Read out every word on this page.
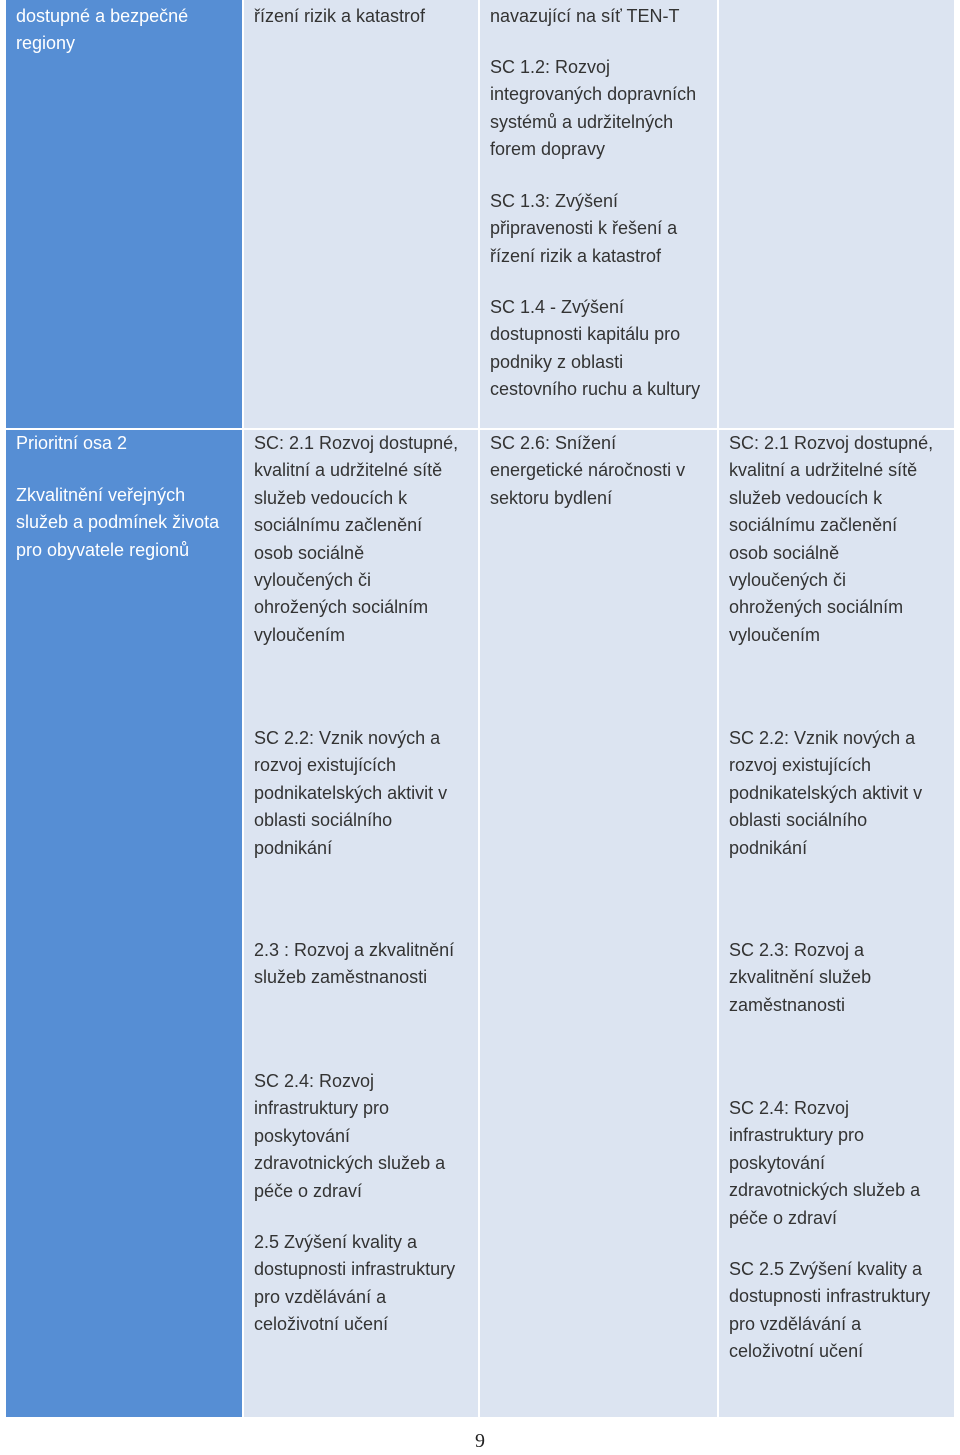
dostupné a bezpečné
regiony
řízení rizik a katastrof	navazující na síť TEN-T
SC 1.2: Rozvoj
integrovaných dopravních
systémů a udržitelných
forem dopravy
SC 1.3: Zvýšení
připravenosti k řešení a
řízení rizik a katastrof
SC 1.4 - Zvýšení
dostupnosti kapitálu pro
podniky z oblasti
cestovního ruchu a kultury
Prioritní osa 2
Zkvalitnění veřejných
služeb a podmínek života
pro obyvatele regionů
SC: 2.1 Rozvoj dostupné,
kvalitní a udržitelné sítě
služeb vedoucích k
sociálnímu začlenění
osob sociálně
vyloučených či
ohrožených sociálním
vyloučením
SC 2.2: Vznik nových a
rozvoj existujících
podnikatelských aktivit v
oblasti sociálního
podnikání
2.3 : Rozvoj a zkvalitnění
služeb zaměstnanosti
SC 2.4: Rozvoj
infrastruktury pro
poskytování
zdravotnických služeb a
péče o zdraví
2.5 Zvýšení kvality a
dostupnosti infrastruktury
pro vzdělávání a
celoživotní učení
SC 2.6: Snížení
energetické náročnosti v
sektoru bydlení
SC: 2.1 Rozvoj dostupné,
kvalitní a udržitelné sítě
služeb vedoucích k
sociálnímu začlenění
osob sociálně
vyloučených či
ohrožených sociálním
vyloučením
SC 2.2: Vznik nových a
rozvoj existujících
podnikatelských aktivit v
oblasti sociálního
podnikání
SC 2.3: Rozvoj a
zkvalitnění služeb
zaměstnanosti
SC 2.4: Rozvoj
infrastruktury pro
poskytování
zdravotnických služeb a
péče o zdraví
SC 2.5 Zvýšení kvality a
dostupnosti infrastruktury
pro vzdělávání a
celoživotní učení
9
